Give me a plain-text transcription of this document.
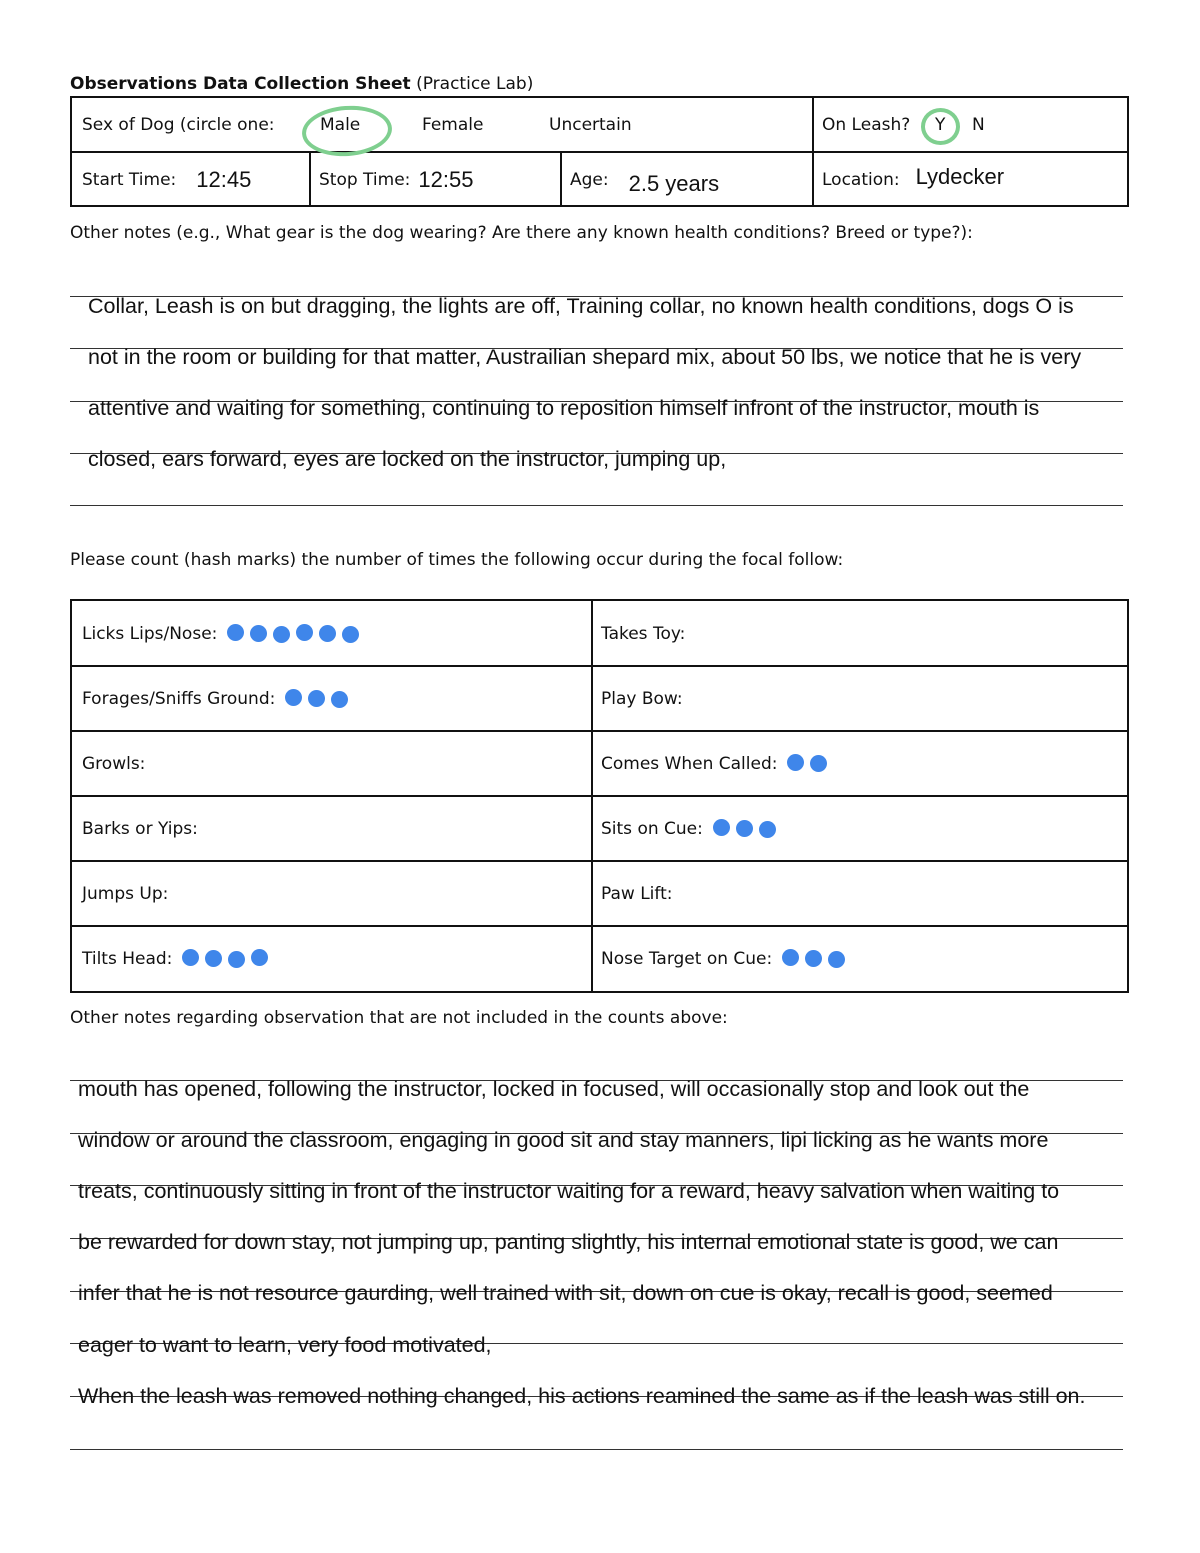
Observations Data Collection Sheet (Practice Lab)
Sex of Dog (circle one:	Male	Female	Uncertain	On Leash? Y N
Start Time: 12:45	Stop Time: 12:55	Age: 2.5 years	Location: Lydecker
Other notes (e.g., What gear is the dog wearing? Are there any known health conditions? Breed or type?):

Collar, Leash is on but dragging, the lights are off, Training collar, no known health conditions, dogs O is

not in the room or building for that matter, Austrailian shepard mix, about 50 lbs, we notice that he is very

attentive and waiting for something, continuing to reposition himself infront of the instructor, mouth is

closed, ears forward, eyes are locked on the instructor, jumping up,

Please count (hash marks) the number of times the following occur during the focal follow:
Licks Lips/Nose:	Takes Toy:
Forages/Sniffs Ground:	Play Bow:
Growls:	Comes When Called:
Barks or Yips:	Sits on Cue:
Jumps Up:	Paw Lift:
Tilts Head:	Nose Target on Cue:
Other notes regarding observation that are not included in the counts above:

mouth has opened, following the instructor, locked in focused, will occasionally stop and look out the

window or around the classroom, engaging in good sit and stay manners, lipi licking as he wants more

treats, continuously sitting in front of the instructor waiting for a reward, heavy salvation when waiting to

be rewarded for down stay, not jumping up, panting slightly, his internal emotional state is good, we can

infer that he is not resource gaurding, well trained with sit, down on cue is okay, recall is good, seemed

eager to want to learn, very food motivated,

When the leash was removed nothing changed, his actions reamined the same as if the leash was still on.
